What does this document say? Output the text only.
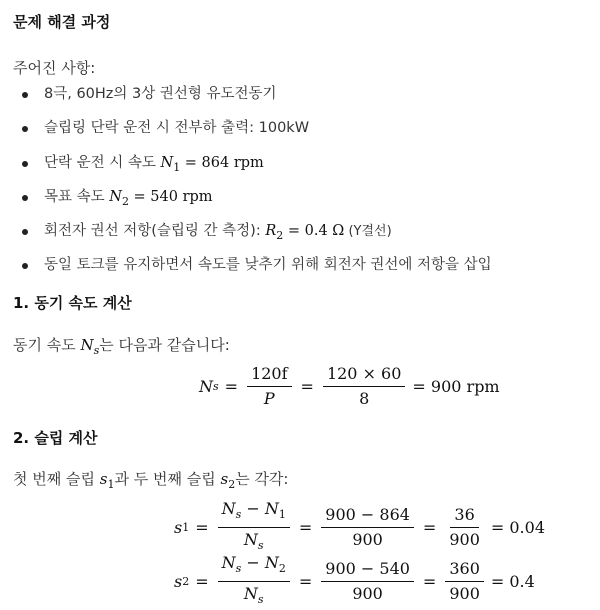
문제 해결 과정
주어진 사항:
8극, 60Hz의 3상 권선형 유도전동기
슬립링 단락 운전 시 전부하 출력: 100kW
단락 운전 시 속도 $N_1 = 864$ rpm
목표 속도 $N_2 = 540$ rpm
회전자 권선 저항(슬립링 간 측정): $R_2 = 0.4$ Ω (Y결선)
동일 토크를 유지하면서 속도를 낮추기 위해 회전자 권선에 저항을 삽입
1. 동기 속도 계산
동기 속도 $N_s$는 다음과 같습니다:
N $s = \frac{120f}{P} = \frac{120 \times 60}{8} = 900$ rpm
2. 슬립 계산
첫 번째 슬립 $s_1$과 두 번째 슬립 $s_2$는 각각:
s $1 = \frac{N_s - N_1}{N_s} = \frac{900 - 864}{900} = \frac{36}{900} = 0.04$
s $2 = \frac{N_s - N_2}{N_s} = \frac{900 - 540}{900} = \frac{360}{900} = 0.4$
